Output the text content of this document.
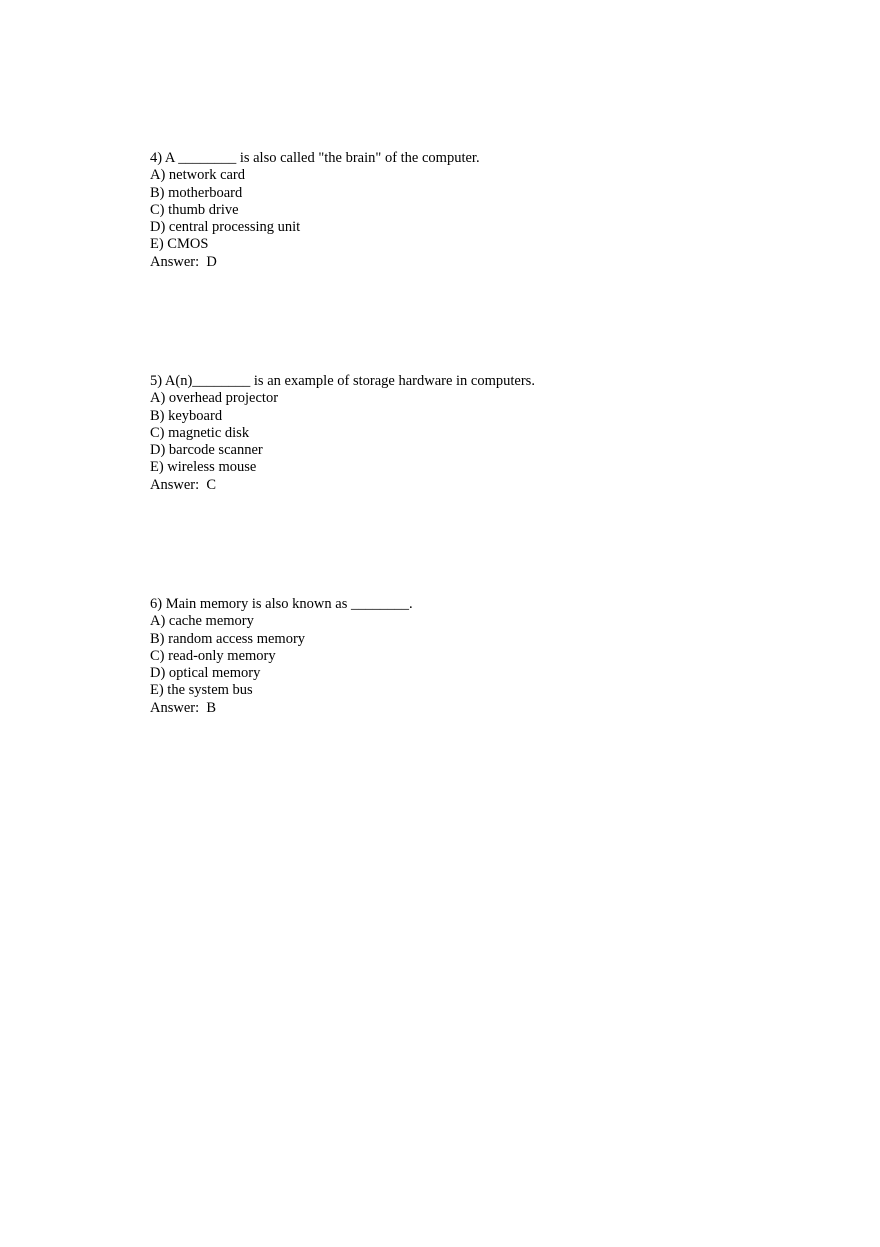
4) A ________ is also called "the brain" of the computer.

A) network card

B) motherboard

C) thumb drive

D) central processing unit

E) CMOS

Answer:  D

5) A(n)________ is an example of storage hardware in computers.

A) overhead projector

B) keyboard

C) magnetic disk

D) barcode scanner

E) wireless mouse

Answer:  C

6) Main memory is also known as ________.

A) cache memory

B) random access memory

C) read-only memory

D) optical memory

E) the system bus

Answer:  B
